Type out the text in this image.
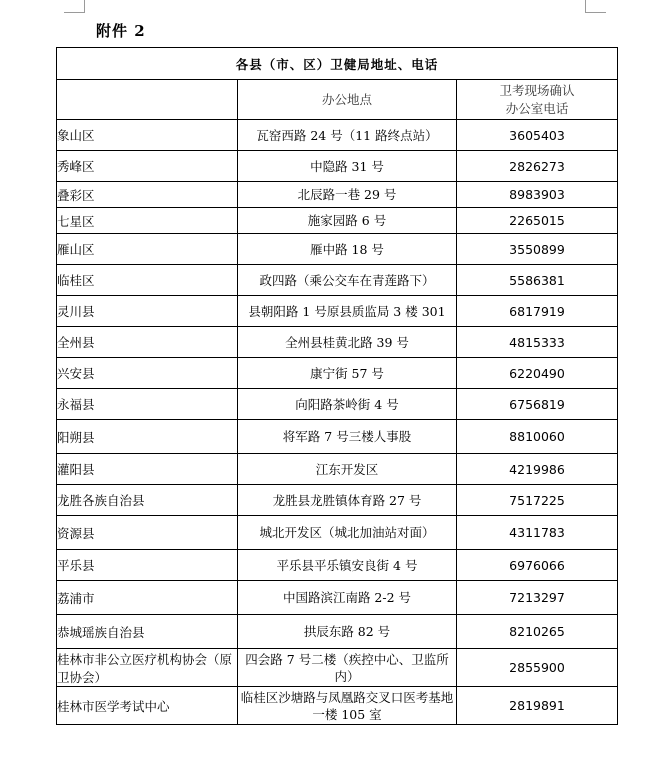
附件 2
各县（市、区）卫健局地址、电话		
	办公地点	卫考现场确认
办公室电话

象山区	瓦窑西路 24 号（11 路终点站）	3605403
秀峰区	中隐路 31 号	2826273
叠彩区	北辰路一巷 29 号	8983903
七星区	施家园路 6 号	2265015
雁山区	雁中路 18 号	3550899
临桂区	政四路（乘公交车在青莲路下）	5586381
灵川县	县朝阳路 1 号原县质监局 3 楼 301	6817919
全州县	全州县桂黄北路 39 号	4815333
兴安县	康宁街 57 号	6220490
永福县	向阳路茶岭街 4 号	6756819
阳朔县	将军路 7 号三楼人事股	8810060
灌阳县	江东开发区	4219986
龙胜各族自治县	龙胜县龙胜镇体育路 27 号	7517225
资源县	城北开发区（城北加油站对面）	4311783
平乐县	平乐县平乐镇安良街 4 号	6976066
荔浦市	中国路滨江南路 2-2 号	7213297
恭城瑶族自治县	拱辰东路 82 号	8210265
桂林市非公立医疗机构协会（原卫协会）	四会路 7 号二楼（疾控中心、卫监所内）	2855900
桂林市医学考试中心	临桂区沙塘路与凤凰路交叉口医考基地一楼 105 室	2819891
